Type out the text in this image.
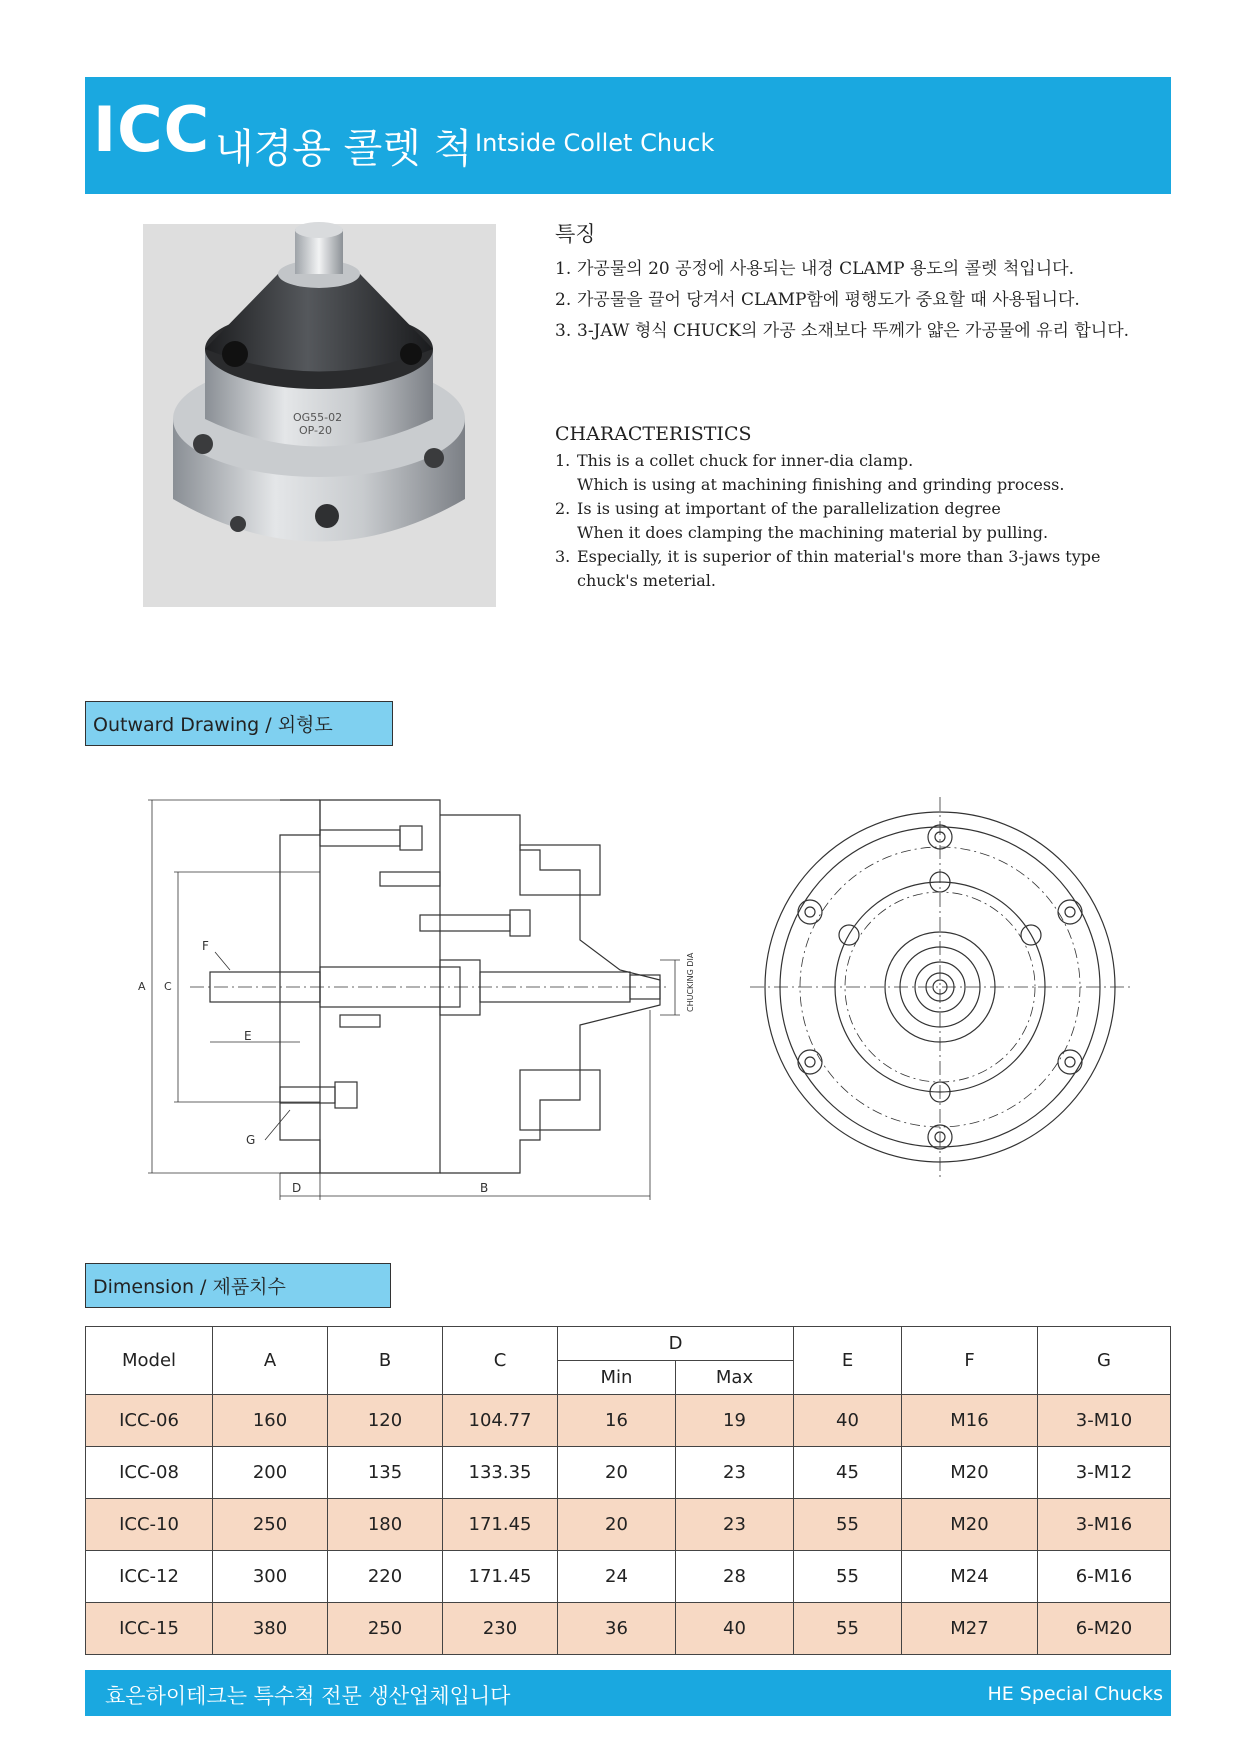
ICC 내경용 콜렛 척 Intside Collet Chuck
OG55-02
OP-20
특징
1. 가공물의 20 공정에 사용되는 내경 CLAMP 용도의 콜렛 척입니다.
2. 가공물을 끌어 당겨서 CLAMP함에 평행도가 중요할 때 사용됩니다.
3. 3-JAW 형식 CHUCK의 가공 소재보다 뚜께가 얇은 가공물에 유리 합니다.
CHARACTERISTICS
1. This is a collet chuck for inner-dia clamp.
Which is using at machining finishing and grinding process.
2. Is is using at important of the parallelization degree
When it does clamping the machining material by pulling.
3. Especially, it is superior of thin material's more than 3-jaws type
chuck's meterial.
Outward Drawing / 외형도
A C	CHUCKING DIA
F
E
G
D	B
Dimension / 제품치수
Model	A	B	C	D		E	F	G
				Min	Max			
ICC-06	160	120	104.77	16	19	40	M16	3-M10
ICC-08	200	135	133.35	20	23	45	M20	3-M12
ICC-10	250	180	171.45	20	23	55	M20	3-M16
ICC-12	300	220	171.45	24	28	55	M24	6-M16
ICC-15	380	250	230	36	40	55	M27	6-M20
효은하이테크는 특수척 전문 생산업체입니다	HE Special Chucks
